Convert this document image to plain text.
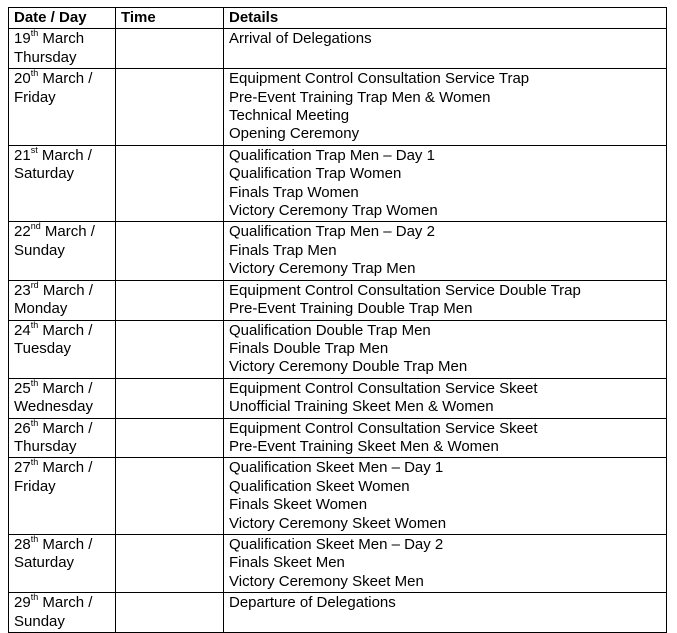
Date / Day	Time	Details

19th March
Thursday		Arrival of Delegations

20th March /
Friday		Equipment Control Consultation Service Trap
Pre-Event Training Trap Men & Women
Technical Meeting
Opening Ceremony

21st March /
Saturday		Qualification Trap Men – Day 1
Qualification Trap Women
Finals Trap Women
Victory Ceremony Trap Women

22nd March /
Sunday		Qualification Trap Men – Day 2
Finals Trap Men
Victory Ceremony Trap Men

23rd March /
Monday		Equipment Control Consultation Service Double Trap
Pre-Event Training Double Trap Men

24th March /
Tuesday		Qualification Double Trap Men
Finals Double Trap Men
Victory Ceremony Double Trap Men

25th March /
Wednesday		Equipment Control Consultation Service Skeet
Unofficial Training Skeet Men & Women

26th March /
Thursday		Equipment Control Consultation Service Skeet
Pre-Event Training Skeet Men & Women

27th March /
Friday		Qualification Skeet Men – Day 1
Qualification Skeet Women
Finals Skeet Women
Victory Ceremony Skeet Women

28th March /
Saturday		Qualification Skeet Men – Day 2
Finals Skeet Men
Victory Ceremony Skeet Men

29th March /
Sunday		Departure of Delegations
